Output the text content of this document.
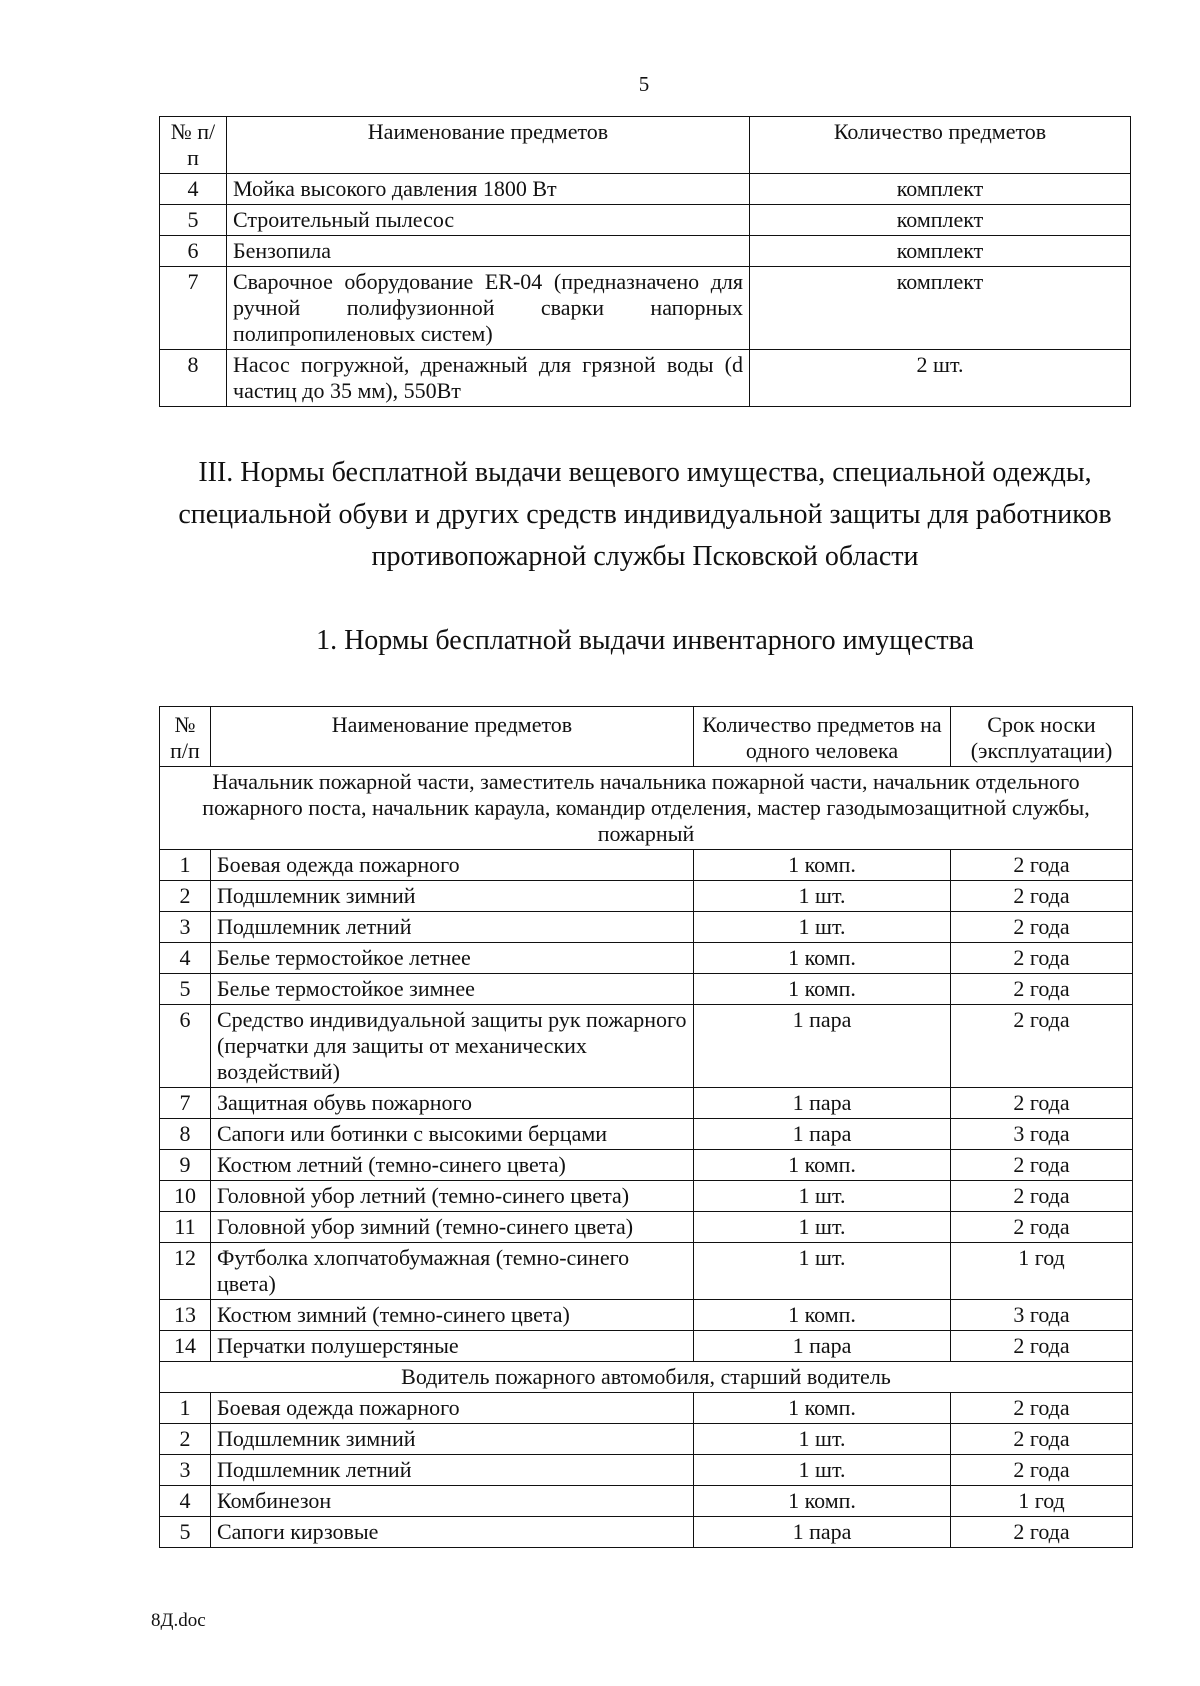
5
№ п/п	Наименование предметов	Количество предметов
4	Мойка высокого давления 1800 Вт	комплект
5	Строительный пылесос	комплект
6	Бензопила	комплект
7	Сварочное оборудование ER-04 (предназначено для ручной полифузионной сварки напорных полипропиленовых систем)	комплект
8	Насос погружной, дренажный для грязной воды (d частиц до 35 мм), 550Вт	2 шт.
III. Нормы бесплатной выдачи вещевого имущества, специальной одежды, специальной обуви и других средств индивидуальной защиты для работников противопожарной службы Псковской области
1. Нормы бесплатной выдачи инвентарного имущества
№ п/п	Наименование предметов	Количество предметов на одного человека	Срок носки (эксплуатации)
Начальник пожарной части, заместитель начальника пожарной части, начальник отдельного пожарного поста, начальник караула, командир отделения, мастер газодымозащитной службы, пожарный			
1	Боевая одежда пожарного	1 комп.	2 года
2	Подшлемник зимний	1 шт.	2 года
3	Подшлемник летний	1 шт.	2 года
4	Белье термостойкое летнее	1 комп.	2 года
5	Белье термостойкое зимнее	1 комп.	2 года
6	Средство индивидуальной защиты рук пожарного (перчатки для защиты от механических воздействий)	1 пара	2 года
7	Защитная обувь пожарного	1 пара	2 года
8	Сапоги или ботинки с высокими берцами	1 пара	3 года
9	Костюм летний (темно-синего цвета)	1 комп.	2 года
10	Головной убор летний (темно-синего цвета)	1 шт.	2 года
11	Головной убор зимний (темно-синего цвета)	1 шт.	2 года
12	Футболка хлопчатобумажная (темно-синего цвета)	1 шт.	1 год
13	Костюм зимний (темно-синего цвета)	1 комп.	3 года
14	Перчатки полушерстяные	1 пара	2 года
Водитель пожарного автомобиля, старший водитель			
1	Боевая одежда пожарного	1 комп.	2 года
2	Подшлемник зимний	1 шт.	2 года
3	Подшлемник летний	1 шт.	2 года
4	Комбинезон	1 комп.	1 год
5	Сапоги кирзовые	1 пара	2 года
8Д.doc
